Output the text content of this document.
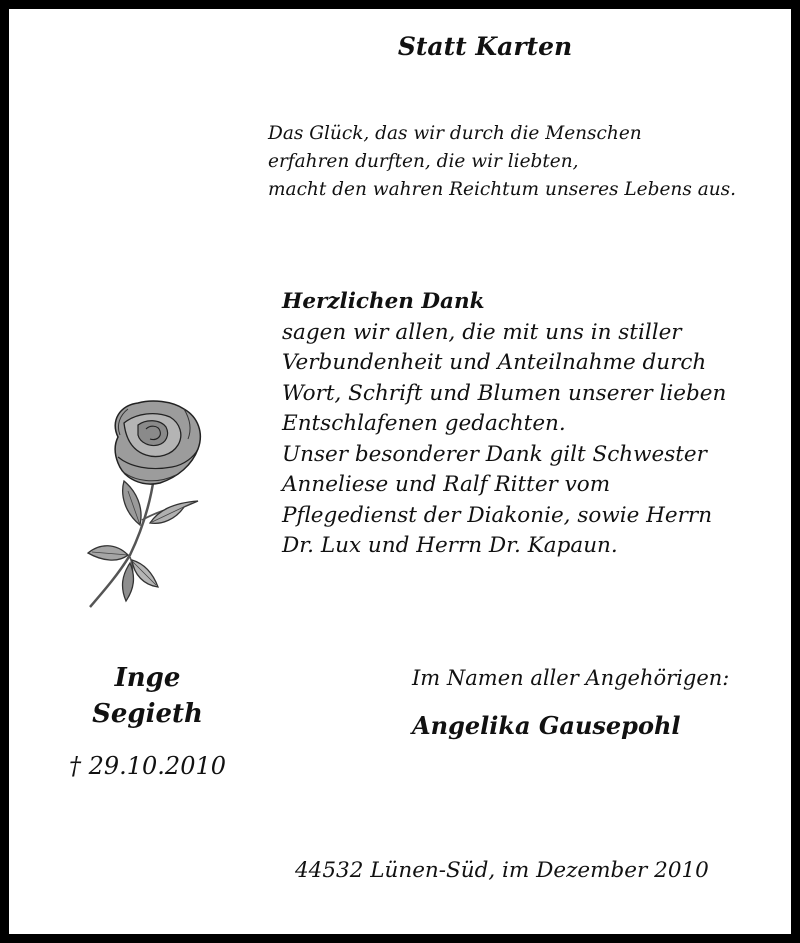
Statt Karten
Das Glück, das wir durch die Menschen
erfahren durften, die wir liebten,
macht den wahren Reichtum unseres Lebens aus.
Herzlichen Dank
sagen wir allen, die mit uns in stiller
Verbundenheit und Anteilnahme durch
Wort, Schrift und Blumen unserer lieben
Entschlafenen gedachten.
Unser besonderer Dank gilt Schwester
Anneliese und Ralf Ritter vom
Pflegedienst der Diakonie, sowie Herrn
Dr. Lux und Herrn Dr. Kapaun.
Inge
Segieth
† 29.10.2010
Im Namen aller Angehörigen:
Angelika Gausepohl
44532 Lünen-Süd, im Dezember 2010
